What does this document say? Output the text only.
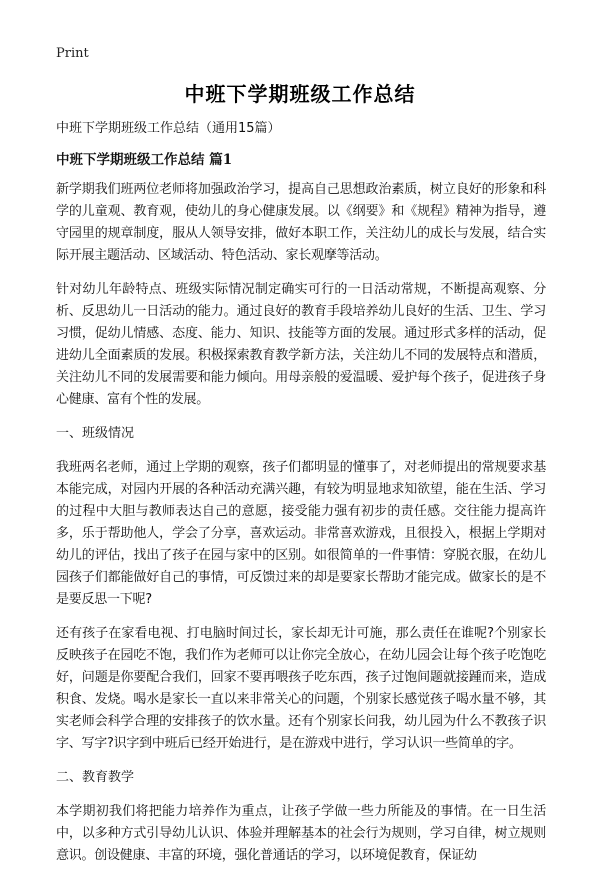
Print
中班下学期班级工作总结

中班下学期班级工作总结（通用15篇）

中班下学期班级工作总结 篇1

新学期我们班两位老师将加强政治学习，提高自己思想政治素质，树立良好的形象和科学的儿童观、教育观，使幼儿的身心健康发展。以《纲要》和《规程》精神为指导，遵守园里的规章制度，服从人领导安排，做好本职工作，关注幼儿的成长与发展，结合实际开展主题活动、区域活动、特色活动、家长观摩等活动。

针对幼儿年龄特点、班级实际情况制定确实可行的一日活动常规，不断提高观察、分析、反思幼儿一日活动的能力。通过良好的教育手段培养幼儿良好的生活、卫生、学习习惯，促幼儿情感、态度、能力、知识、技能等方面的发展。通过形式多样的活动，促进幼儿全面素质的发展。积极探索教育教学新方法，关注幼儿不同的发展特点和潜质，关注幼儿不同的发展需要和能力倾向。用母亲般的爱温暖、爱护每个孩子，促进孩子身心健康、富有个性的发展。

一、班级情况

我班两名老师，通过上学期的观察，孩子们都明显的懂事了，对老师提出的常规要求基本能完成，对园内开展的各种活动充满兴趣，有较为明显地求知欲望，能在生活、学习的过程中大胆与教师表达自己的意愿，接受能力强有初步的责任感。交往能力提高许多，乐于帮助他人，学会了分享，喜欢运动。非常喜欢游戏，且很投入，根据上学期对幼儿的评估，找出了孩子在园与家中的区别。如很简单的一件事情：穿脱衣服，在幼儿园孩子们都能做好自己的事情，可反馈过来的却是要家长帮助才能完成。做家长的是不是要反思一下呢?

还有孩子在家看电视、打电脑时间过长，家长却无计可施，那么责任在谁呢?个别家长反映孩子在园吃不饱，我们作为老师可以让你完全放心，在幼儿园会让每个孩子吃饱吃好，问题是你要配合我们，回家不要再喂孩子吃东西，孩子过饱间题就接踵而来，造成积食、发烧。喝水是家长一直以来非常关心的问题，个别家长感觉孩子喝水量不够，其实老师会科学合理的安排孩子的饮水量。还有个别家长问我，幼儿园为什么不教孩子识字、写字?识字到中班后已经开始进行，是在游戏中进行，学习认识一些简单的字。

二、教育教学

本学期初我们将把能力培养作为重点，让孩子学做一些力所能及的事情。在一日生活中，以多种方式引导幼儿认识、体验并理解基本的社会行为规则，学习自律，树立规则意识。创设健康、丰富的环境，强化普通话的学习，以环境促教育，保证幼
